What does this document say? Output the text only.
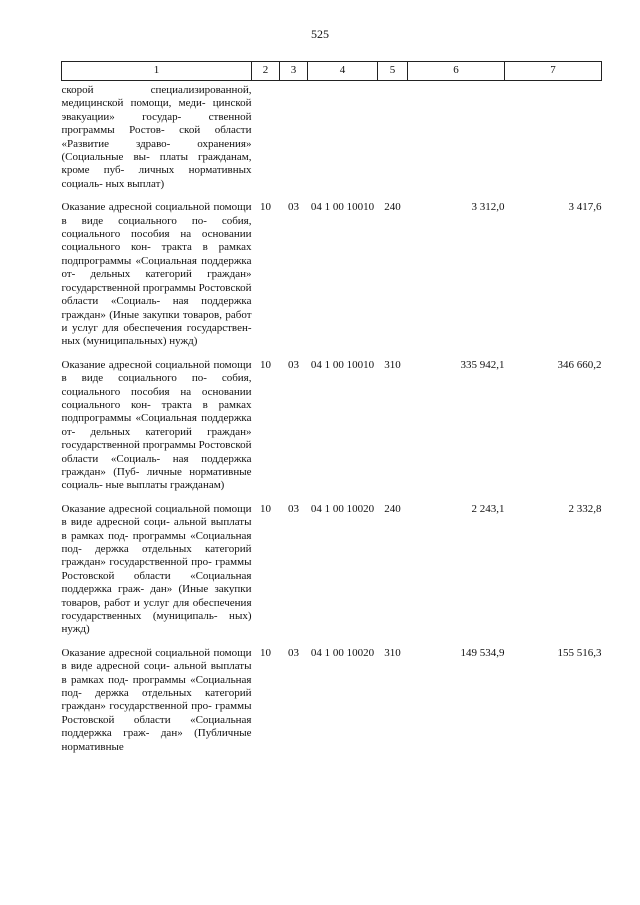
525
1	2	3	4	5	6	7

скорой специализированной, медицинской помощи, меди- цинской эвакуации» государ- ственной программы Ростов- ской области «Развитие здраво- охранения» (Социальные вы- платы гражданам, кроме пуб- личных нормативных социаль- ных выплат)						

Оказание адресной социальной помощи в виде социального по- собия, социального пособия на основании социального кон- тракта в рамках подпрограммы «Социальная поддержка от- дельных категорий граждан» государственной программы Ростовской области «Социаль- ная поддержка граждан» (Иные закупки товаров, работ и услуг для обеспечения государствен- ных (муниципальных) нужд)	10	03	04 1 00 10010	240	3 312,0	3 417,6

Оказание адресной социальной помощи в виде социального по- собия, социального пособия на основании социального кон- тракта в рамках подпрограммы «Социальная поддержка от- дельных категорий граждан» государственной программы Ростовской области «Социаль- ная поддержка граждан» (Пуб- личные нормативные социаль- ные выплаты гражданам)	10	03	04 1 00 10010	310	335 942,1	346 660,2

Оказание адресной социальной помощи в виде адресной соци- альной выплаты в рамках под- программы «Социальная под- держка отдельных категорий граждан» государственной про- граммы Ростовской области «Социальная поддержка граж- дан» (Иные закупки товаров, работ и услуг для обеспечения государственных (муниципаль- ных) нужд)	10	03	04 1 00 10020	240	2 243,1	2 332,8

Оказание адресной социальной помощи в виде адресной соци- альной выплаты в рамках под- программы «Социальная под- держка отдельных категорий граждан» государственной про- граммы Ростовской области «Социальная поддержка граж- дан» (Публичные нормативные	10	03	04 1 00 10020	310	149 534,9	155 516,3
